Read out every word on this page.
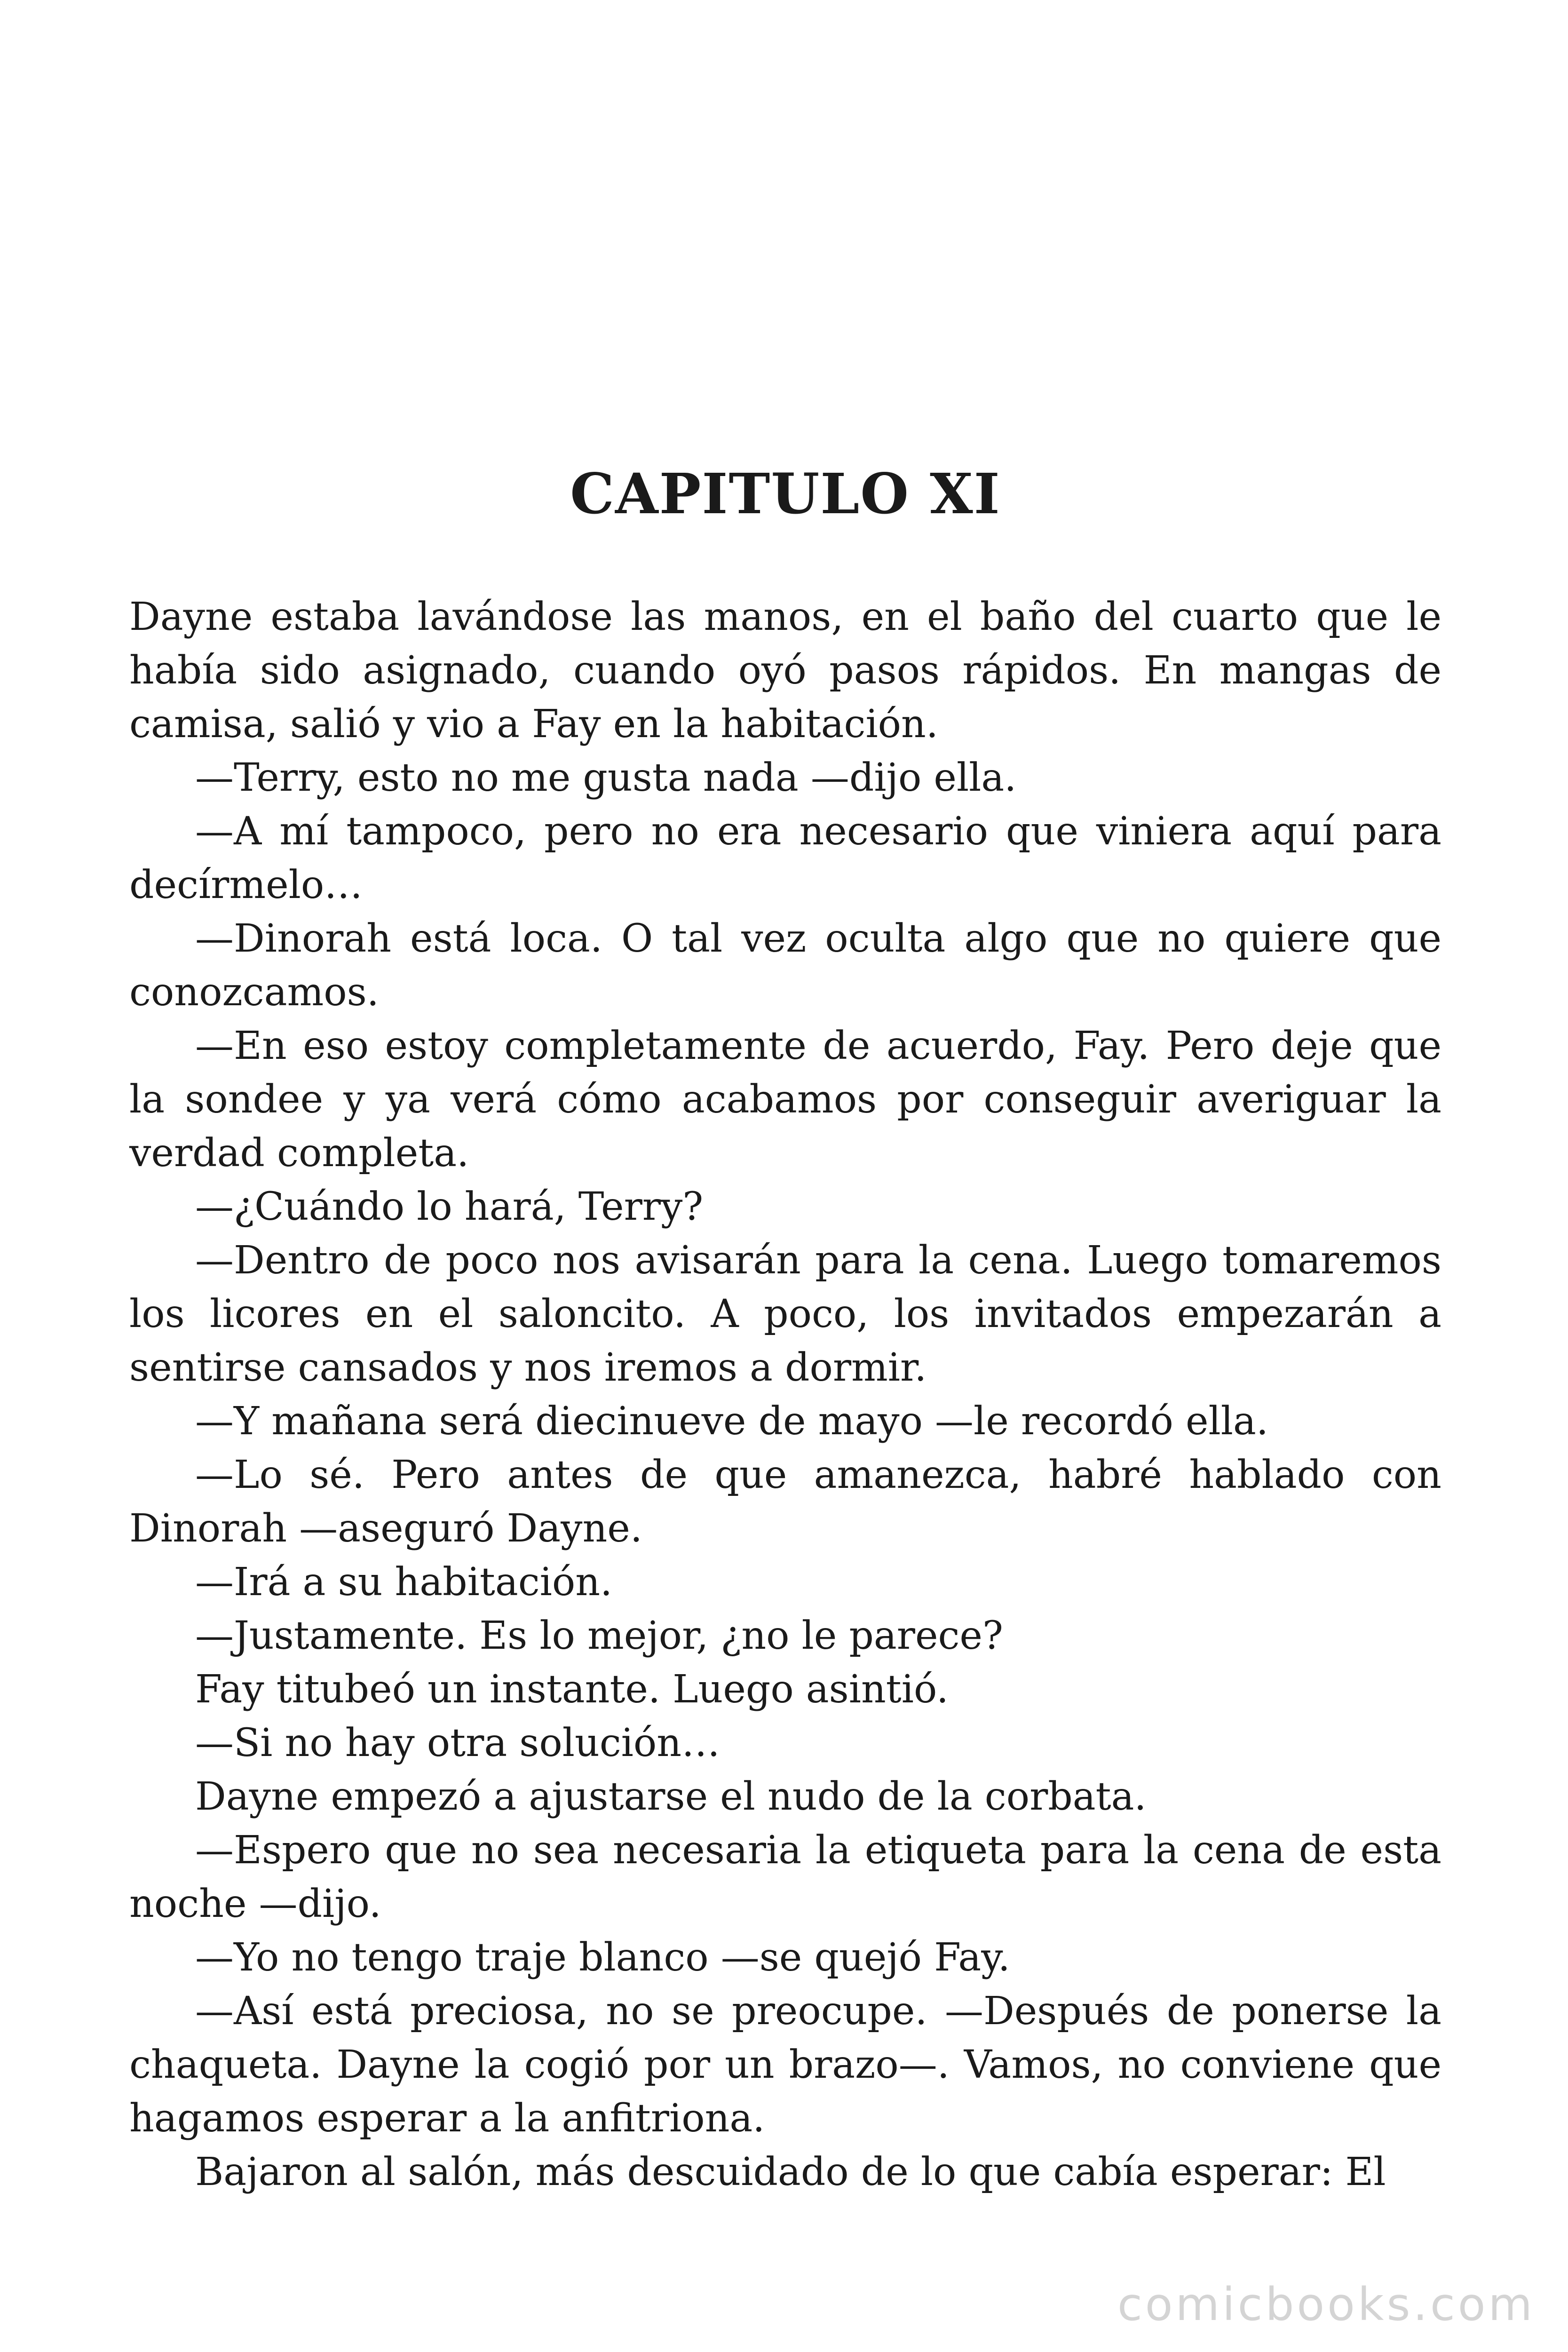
CAPITULO XI

Dayne estaba lavándose las manos, en el baño del cuarto que le había sido asignado, cuando oyó pasos rápidos. En mangas de camisa, salió y vio a Fay en la habitación.

—Terry, esto no me gusta nada —dijo ella.

—A mí tampoco, pero no era necesario que viniera aquí para decírmelo…

—Dinorah está loca. O tal vez oculta algo que no quiere que conozcamos.

—En eso estoy completamente de acuerdo, Fay. Pero deje que la sondee y ya verá cómo acabamos por conseguir averiguar la verdad completa.

—¿Cuándo lo hará, Terry?

—Dentro de poco nos avisarán para la cena. Luego tomaremos los licores en el saloncito. A poco, los invitados empezarán a sentirse cansados y nos iremos a dormir.

—Y mañana será diecinueve de mayo —le recordó ella.

—Lo sé. Pero antes de que amanezca, habré hablado con Dinorah —aseguró Dayne.

—Irá a su habitación.

—Justamente. Es lo mejor, ¿no le parece?

Fay titubeó un instante. Luego asintió.

—Si no hay otra solución…

Dayne empezó a ajustarse el nudo de la corbata.

—Espero que no sea necesaria la etiqueta para la cena de esta noche —dijo.

—Yo no tengo traje blanco —se quejó Fay.

—Así está preciosa, no se preocupe. —Después de ponerse la chaqueta. Dayne la cogió por un brazo—. Vamos, no conviene que hagamos esperar a la anfitriona.

Bajaron al salón, más descuidado de lo que cabía esperar: El

comicbooks.com
